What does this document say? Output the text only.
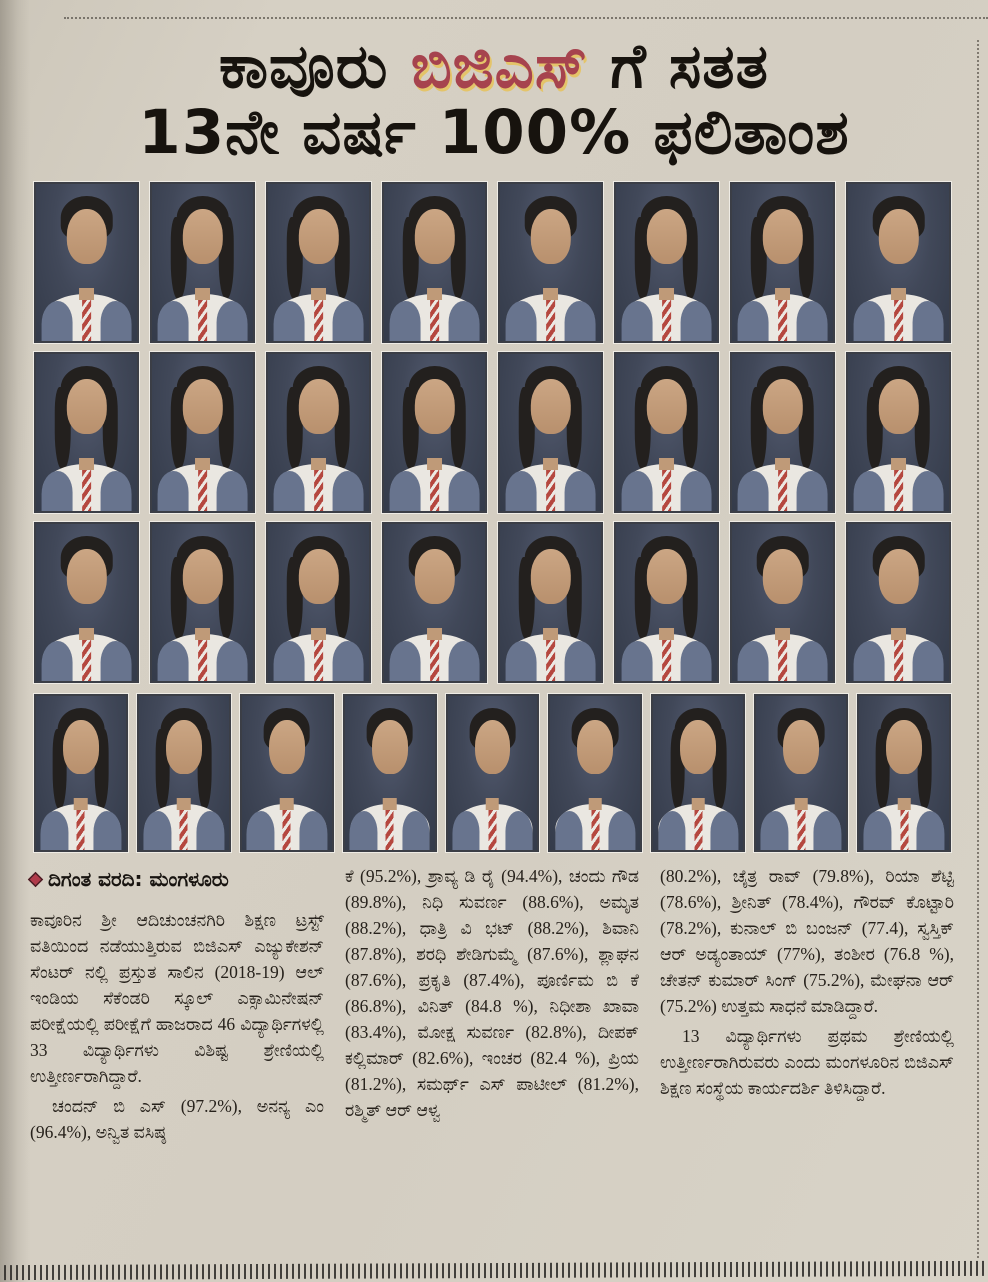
ಕಾವೂರು ಬಿಜಿಎಸ್ ಗೆ ಸತತ
13ನೇ ವರ್ಷ 100% ಫಲಿತಾಂಶ
ದಿಗಂತ ವರದಿ: ಮಂಗಳೂರು

ಕಾವೂರಿನ ಶ್ರೀ ಆದಿಚುಂಚನಗಿರಿ ಶಿಕ್ಷಣ ಟ್ರಸ್ಟ್ ವತಿಯಿಂದ ನಡೆಯುತ್ತಿರುವ ಬಿಜಿಎಸ್ ಎಜ್ಯುಕೇಶನ್ ಸೆಂಟರ್ ನಲ್ಲಿ ಪ್ರಸ್ತುತ ಸಾಲಿನ (2018-19) ಆಲ್ ಇಂಡಿಯ ಸೆಕೆಂಡರಿ ಸ್ಕೂಲ್ ಎಕ್ಸಾಮಿನೇಷನ್ ಪರೀಕ್ಷೆಯಲ್ಲಿ ಪರೀಕ್ಷೆಗೆ ಹಾಜರಾದ 46 ವಿದ್ಯಾರ್ಥಿಗಳಲ್ಲಿ 33 ವಿದ್ಯಾರ್ಥಿಗಳು ವಿಶಿಷ್ಟ ಶ್ರೇಣಿಯಲ್ಲಿ ಉತ್ತೀರ್ಣರಾಗಿದ್ದಾರೆ.

ಚಂದನ್ ಬಿ ಎಸ್ (97.2%), ಅನನ್ಯ ಎಂ (96.4%), ಅನ್ವಿತ ವಸಿಷ್ಠ

ಕೆ (95.2%), ಶ್ರಾವ್ಯ ಡಿ ರೈ (94.4%), ಚಂದು ಗೌಡ (89.8%), ನಿಧಿ ಸುವರ್ಣ (88.6%), ಅಮೃತ (88.2%), ಧಾತ್ರಿ ವಿ ಭಟ್ (88.2%), ಶಿವಾನಿ (87.8%), ಶರಧಿ ಶೇಡಿಗುಮ್ಮೆ (87.6%), ಶ್ಲಾಘನ (87.6%), ಪ್ರಕೃತಿ (87.4%), ಪೂರ್ಣಿಮ ಬಿ ಕೆ (86.8%), ವಿನಿತ್ (84.8 %), ನಿಧೀಶಾ ಖಾವಾ (83.4%), ಮೋಕ್ಷ ಸುವರ್ಣ (82.8%), ದೀಪಕ್ ಕಲ್ಲಿಮಾರ್ (82.6%), ಇಂಚರ (82.4 %), ಪ್ರಿಯ (81.2%), ಸಮರ್ಥ್ ಎಸ್ ಪಾಟೀಲ್ (81.2%), ರಶ್ಮಿತ್ ಆರ್ ಆಳ್ವ

(80.2%), ಚೈತ್ರ ರಾವ್ (79.8%), ರಿಯಾ ಶೆಟ್ಟಿ (78.6%), ಶ್ರೀನಿತ್ (78.4%), ಗೌರವ್ ಕೊಟ್ಟಾರಿ (78.2%), ಕುನಾಲ್ ಬಿ ಬಂಜನ್ (77.4), ಸ್ವಸ್ತಿಕ್ ಆರ್ ಅಡ್ಯಂತಾಯ್ (77%), ತಂಶೀರ (76.8 %), ಚೇತನ್ ಕುಮಾರ್ ಸಿಂಗ್ (75.2%), ಮೇಘನಾ ಆರ್ (75.2%) ಉತ್ತಮ ಸಾಧನೆ ಮಾಡಿದ್ದಾರೆ.

13 ವಿದ್ಯಾರ್ಥಿಗಳು ಪ್ರಥಮ ಶ್ರೇಣಿಯಲ್ಲಿ ಉತ್ತೀರ್ಣರಾಗಿರುವರು ಎಂದು ಮಂಗಳೂರಿನ ಬಿಜಿಎಸ್ ಶಿಕ್ಷಣ ಸಂಸ್ಥೆಯ ಕಾರ್ಯದರ್ಶಿ ತಿಳಿಸಿದ್ದಾರೆ.
